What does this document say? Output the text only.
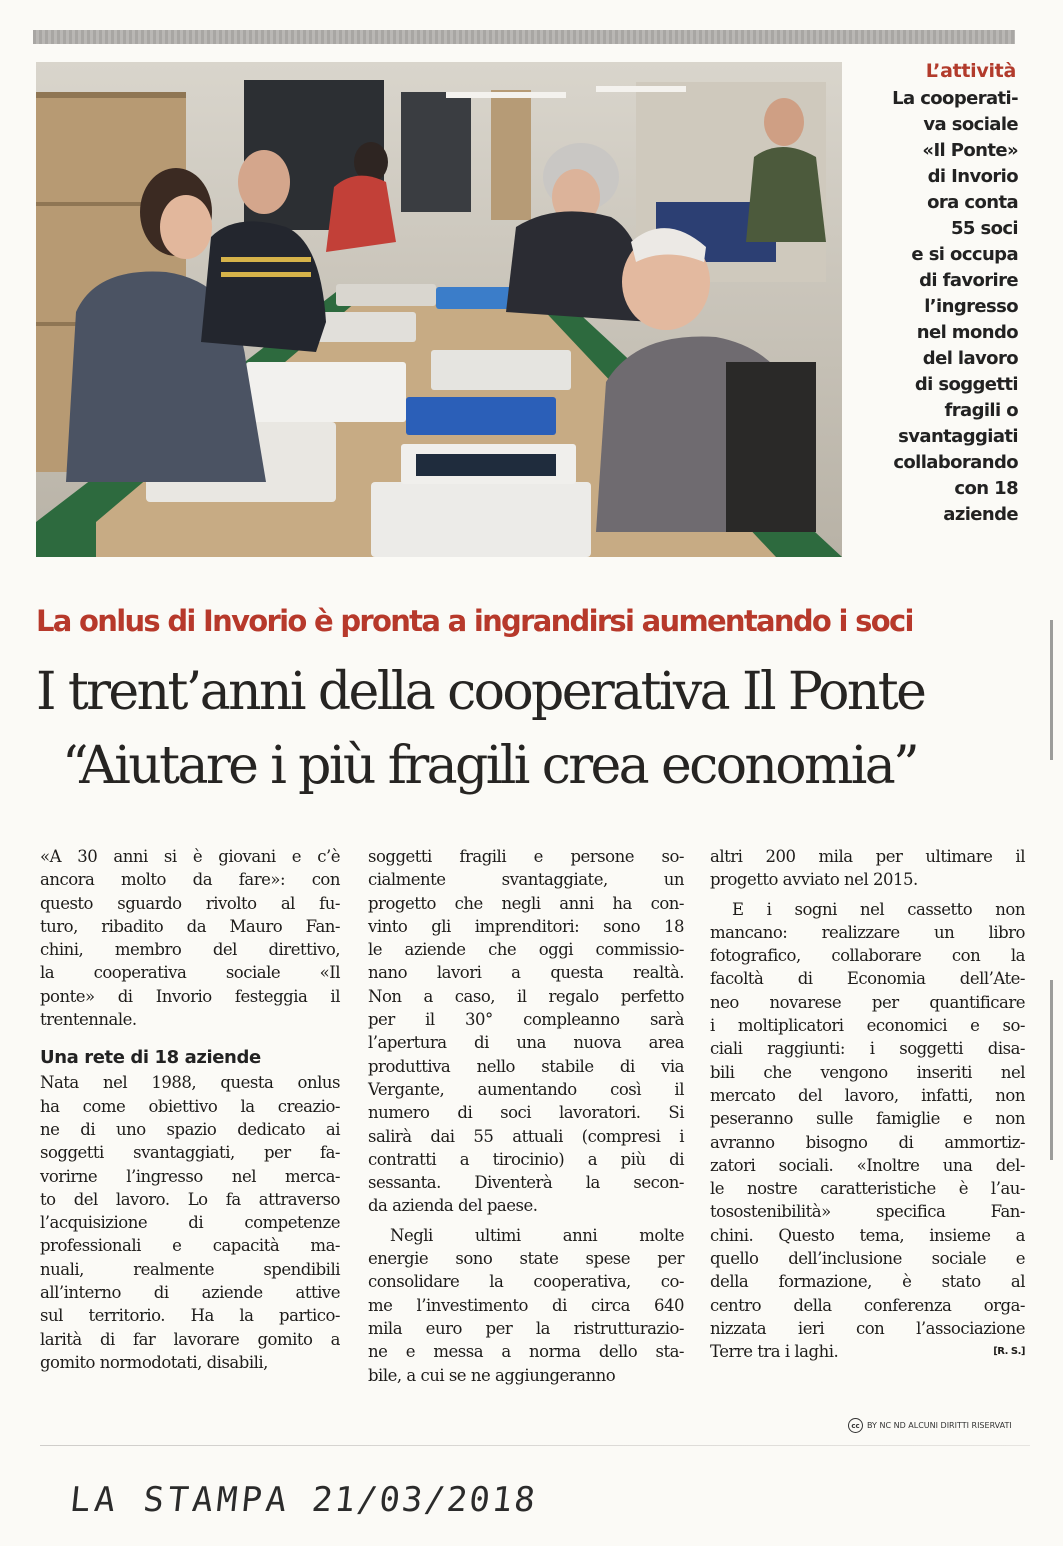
L’attività
La cooperati-
va sociale
«Il Ponte»
di Invorio
ora conta
55 soci
e si occupa
di favorire
l’ingresso
nel mondo
del lavoro
di soggetti
fragili o
svantaggiati
collaborando
con 18
aziende
La onlus di Invorio è pronta a ingrandirsi aumentando i soci
I trent’anni della cooperativa Il Ponte
“Aiutare i più fragili crea economia”
«A 30 anni si è giovani e c’è
ancora molto da fare»: con
questo sguardo rivolto al fu-
turo, ribadito da Mauro Fan-
chini, membro del direttivo,
la cooperativa sociale «Il
ponte» di Invorio festeggia il
trentennale.
Una rete di 18 aziende
Nata nel 1988, questa onlus
ha come obiettivo la creazio-
ne di uno spazio dedicato ai
soggetti svantaggiati, per fa-
vorirne l’ingresso nel merca-
to del lavoro. Lo fa attraverso
l’acquisizione di competenze
professionali e capacità ma-
nuali, realmente spendibili
all’interno di aziende attive
sul territorio. Ha la partico-
larità di far lavorare gomito a
gomito normodotati, disabili,
soggetti fragili e persone so-
cialmente svantaggiate, un
progetto che negli anni ha con-
vinto gli imprenditori: sono 18
le aziende che oggi commissio-
nano lavori a questa realtà.
Non a caso, il regalo perfetto
per il 30° compleanno sarà
l’apertura di una nuova area
produttiva nello stabile di via
Vergante, aumentando così il
numero di soci lavoratori. Si
salirà dai 55 attuali (compresi i
contratti a tirocinio) a più di
sessanta. Diventerà la secon-
da azienda del paese.
Negli ultimi anni molte
energie sono state spese per
consolidare la cooperativa, co-
me l’investimento di circa 640
mila euro per la ristrutturazio-
ne e messa a norma dello sta-
bile, a cui se ne aggiungeranno
altri 200 mila per ultimare il
progetto avviato nel 2015.
E i sogni nel cassetto non
mancano: realizzare un libro
fotografico, collaborare con la
facoltà di Economia dell’Ate-
neo novarese per quantificare
i moltiplicatori economici e so-
ciali raggiunti: i soggetti disa-
bili che vengono inseriti nel
mercato del lavoro, infatti, non
peseranno sulle famiglie e non
avranno bisogno di ammortiz-
zatori sociali. «Inoltre una del-
le nostre caratteristiche è l’au-
tosostenibilità» specifica Fan-
chini. Questo tema, insieme a
quello dell’inclusione sociale e
della formazione, è stato al
centro della conferenza orga-
nizzata ieri con l’associazione
Terre tra i laghi.	[R. S.]
cc BY NC ND ALCUNI DIRITTI RISERVATI
LA STAMPA 21/03/2018
